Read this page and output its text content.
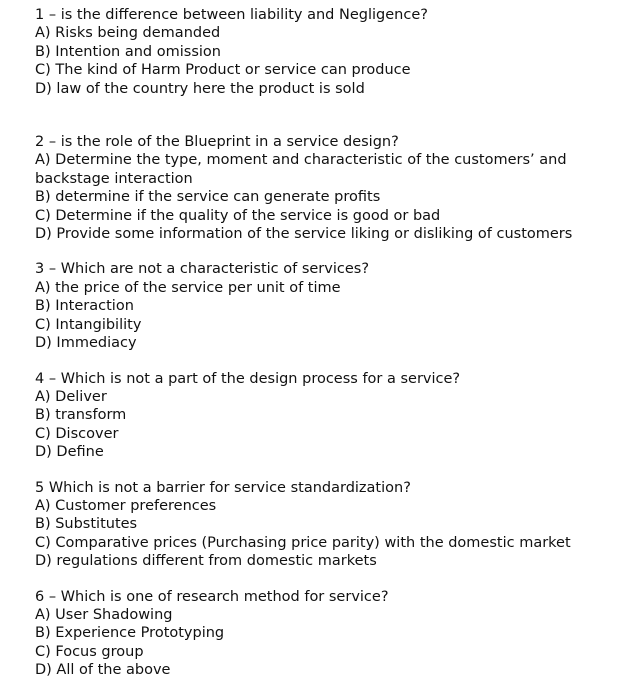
1 – is the difference between liability and Negligence?
A) Risks being demanded
B) Intention and omission
C) The kind of Harm Product or service can produce
D) law of the country here the product is sold
2 – is the role of the Blueprint in a service design?
A) Determine the type, moment and characteristic of the customers’ and backstage interaction
B) determine if the service can generate profits
C) Determine if the quality of the service is good or bad
D) Provide some information of the service liking or disliking of customers
3 – Which are not a characteristic of services?
A) the price of the service per unit of time
B) Interaction
C) Intangibility
D) Immediacy
4 – Which is not a part of the design process for a service?
A) Deliver
B) transform
C) Discover
D) Define
5 Which is not a barrier for service standardization?
A) Customer preferences
B) Substitutes
C) Comparative prices (Purchasing price parity) with the domestic market
D) regulations different from domestic markets
6 – Which is one of research method for service?
A) User Shadowing
B) Experience Prototyping
C) Focus group
D) All of the above
